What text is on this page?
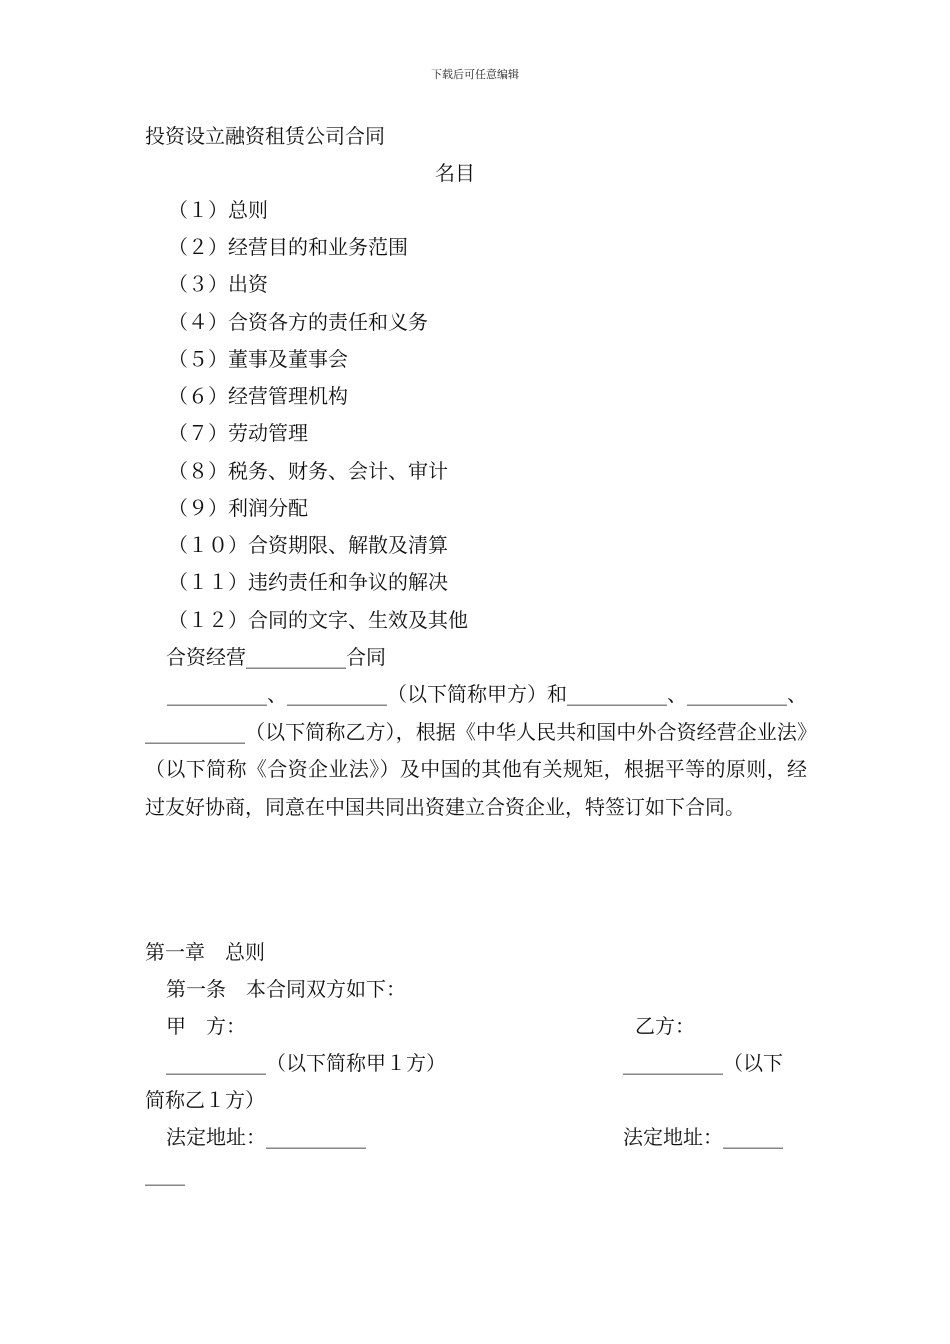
下载后可任意编辑
投资设立融资租赁公司合同
名目
（１）总则
（２）经营目的和业务范围
（３）出资
（４）合资各方的责任和义务
（５）董事及董事会
（６）经营管理机构
（７）劳动管理
（８）税务、财务、会计、审计
（９）利润分配
（１０）合资期限、解散及清算
（１１）违约责任和争议的解决
（１２）合同的文字、生效及其他
合资经营__________合同
__________、__________（以下简称甲方）和__________、__________、__________（以下简称乙方），根据《中华人民共和国中外合资经营企业法》（以下简称《合资企业法》）及中国的其他有关规矩，根据平等的原则，经过友好协商，同意在中国共同出资建立合资企业，特签订如下合同。
第一章　总则
第一条　本合同双方如下：
甲　方：	乙方：
__________（以下简称甲１方）	__________（以下
简称乙１方）
法定地址：__________	法定地址：______
____
